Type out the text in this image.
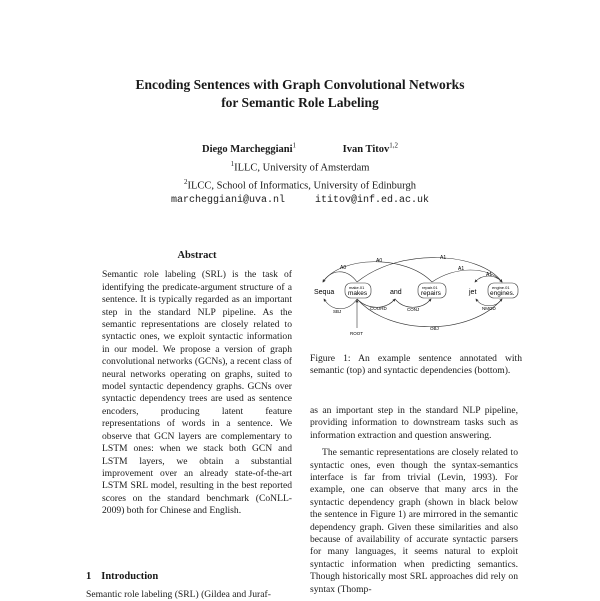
Encoding Sentences with Graph Convolutional Networks
for Semantic Role Labeling
Diego Marcheggiani$^1$	Ivan Titov$^{1,2}$
$^1$ILLC, University of Amsterdam
$^2$ILCC, School of Informatics, University of Edinburgh
marcheggiani@uva.nl	ititov@inf.ed.ac.uk
Abstract
Semantic role labeling (SRL) is the task of identifying the predicate-argument structure of a sentence. It is typically regarded as an important step in the standard NLP pipeline. As the semantic representations are closely related to syntactic ones, we exploit syntactic information in our model. We propose a version of graph convolutional networks (GCNs), a recent class of neural networks operating on graphs, suited to model syntactic dependency graphs. GCNs over syntactic dependency trees are used as sentence encoders, producing latent feature representations of words in a sentence. We observe that GCN layers are complementary to LSTM ones: when we stack both GCN and LSTM layers, we obtain a substantial improvement over an already state-of-the-art LSTM SRL model, resulting in the best reported scores on the standard benchmark (CoNLL-2009) both for Chinese and English.
1 Introduction
Semantic role labeling (SRL) (Gildea and Juraf-
A0
A0	A1
A1
A1
Sequa
make.01
makes	and
repair.01
repairs	jet
engine.01
engines.
SBJ
COORD	CONJ	NMOD
OBJ
ROOT
Figure 1: An example sentence annotated with semantic (top) and syntactic dependencies (bottom).
as an important step in the standard NLP pipeline, providing information to downstream tasks such as information extraction and question answering.
The semantic representations are closely related to syntactic ones, even though the syntax-semantics interface is far from trivial (Levin, 1993). For example, one can observe that many arcs in the syntactic dependency graph (shown in black below the sentence in Figure 1) are mirrored in the semantic dependency graph. Given these similarities and also because of availability of accurate syntactic parsers for many languages, it seems natural to exploit syntactic information when predicting semantics. Though historically most SRL approaches did rely on syntax (Thomp-
